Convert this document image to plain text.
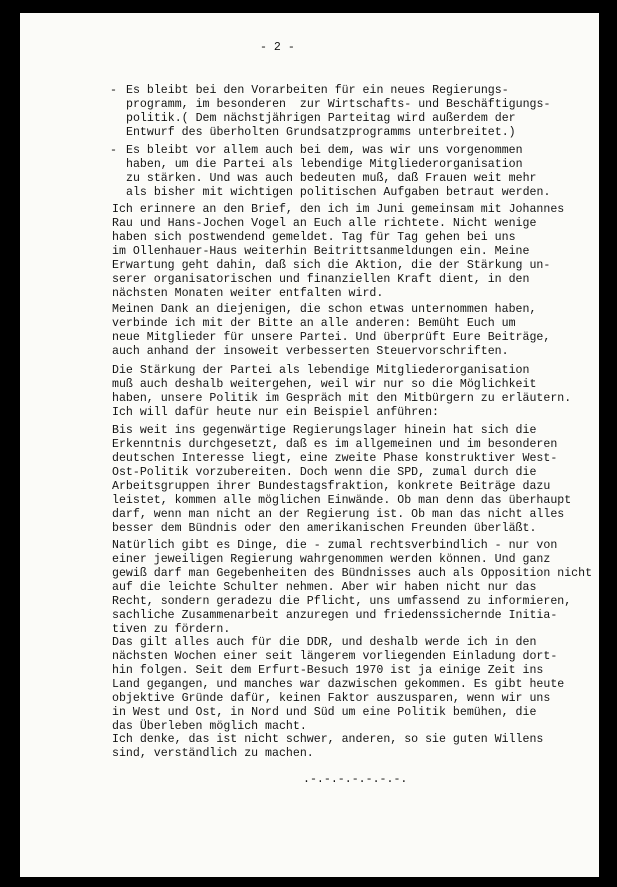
- 2 -

-

Es bleibt bei den Vorarbeiten für ein neues Regierungs-

programm, im besonderen  zur Wirtschafts- und Beschäftigungs-

politik.( Dem nächstjährigen Parteitag wird außerdem der

Entwurf des überholten Grundsatzprogramms unterbreitet.)

-

Es bleibt vor allem auch bei dem, was wir uns vorgenommen

haben, um die Partei als lebendige Mitgliederorganisation

zu stärken. Und was auch bedeuten muß, daß Frauen weit mehr

als bisher mit wichtigen politischen Aufgaben betraut werden.

Ich erinnere an den Brief, den ich im Juni gemeinsam mit Johannes

Rau und Hans-Jochen Vogel an Euch alle richtete. Nicht wenige

haben sich postwendend gemeldet. Tag für Tag gehen bei uns

im Ollenhauer-Haus weiterhin Beitrittsanmeldungen ein. Meine

Erwartung geht dahin, daß sich die Aktion, die der Stärkung un-

serer organisatorischen und finanziellen Kraft dient, in den

nächsten Monaten weiter entfalten wird.

Meinen Dank an diejenigen, die schon etwas unternommen haben,

verbinde ich mit der Bitte an alle anderen: Bemüht Euch um

neue Mitglieder für unsere Partei. Und überprüft Eure Beiträge,

auch anhand der insoweit verbesserten Steuervorschriften.

Die Stärkung der Partei als lebendige Mitgliederorganisation

muß auch deshalb weitergehen, weil wir nur so die Möglichkeit

haben, unsere Politik im Gespräch mit den Mitbürgern zu erläutern.

Ich will dafür heute nur ein Beispiel anführen:

Bis weit ins gegenwärtige Regierungslager hinein hat sich die

Erkenntnis durchgesetzt, daß es im allgemeinen und im besonderen

deutschen Interesse liegt, eine zweite Phase konstruktiver West-

Ost-Politik vorzubereiten. Doch wenn die SPD, zumal durch die

Arbeitsgruppen ihrer Bundestagsfraktion, konkrete Beiträge dazu

leistet, kommen alle möglichen Einwände. Ob man denn das überhaupt

darf, wenn man nicht an der Regierung ist. Ob man das nicht alles

besser dem Bündnis oder den amerikanischen Freunden überläßt.

Natürlich gibt es Dinge, die - zumal rechtsverbindlich - nur von

einer jeweiligen Regierung wahrgenommen werden können. Und ganz

gewiß darf man Gegebenheiten des Bündnisses auch als Opposition nicht

auf die leichte Schulter nehmen. Aber wir haben nicht nur das

Recht, sondern geradezu die Pflicht, uns umfassend zu informieren,

sachliche Zusammenarbeit anzuregen und friedenssichernde Initia-

tiven zu fördern.

Das gilt alles auch für die DDR, und deshalb werde ich in den

nächsten Wochen einer seit längerem vorliegenden Einladung dort-

hin folgen. Seit dem Erfurt-Besuch 1970 ist ja einige Zeit ins

Land gegangen, und manches war dazwischen gekommen. Es gibt heute

objektive Gründe dafür, keinen Faktor auszusparen, wenn wir uns

in West und Ost, in Nord und Süd um eine Politik bemühen, die

das Überleben möglich macht.

Ich denke, das ist nicht schwer, anderen, so sie guten Willens

sind, verständlich zu machen.

.-.-.-.-.-.-.-.
